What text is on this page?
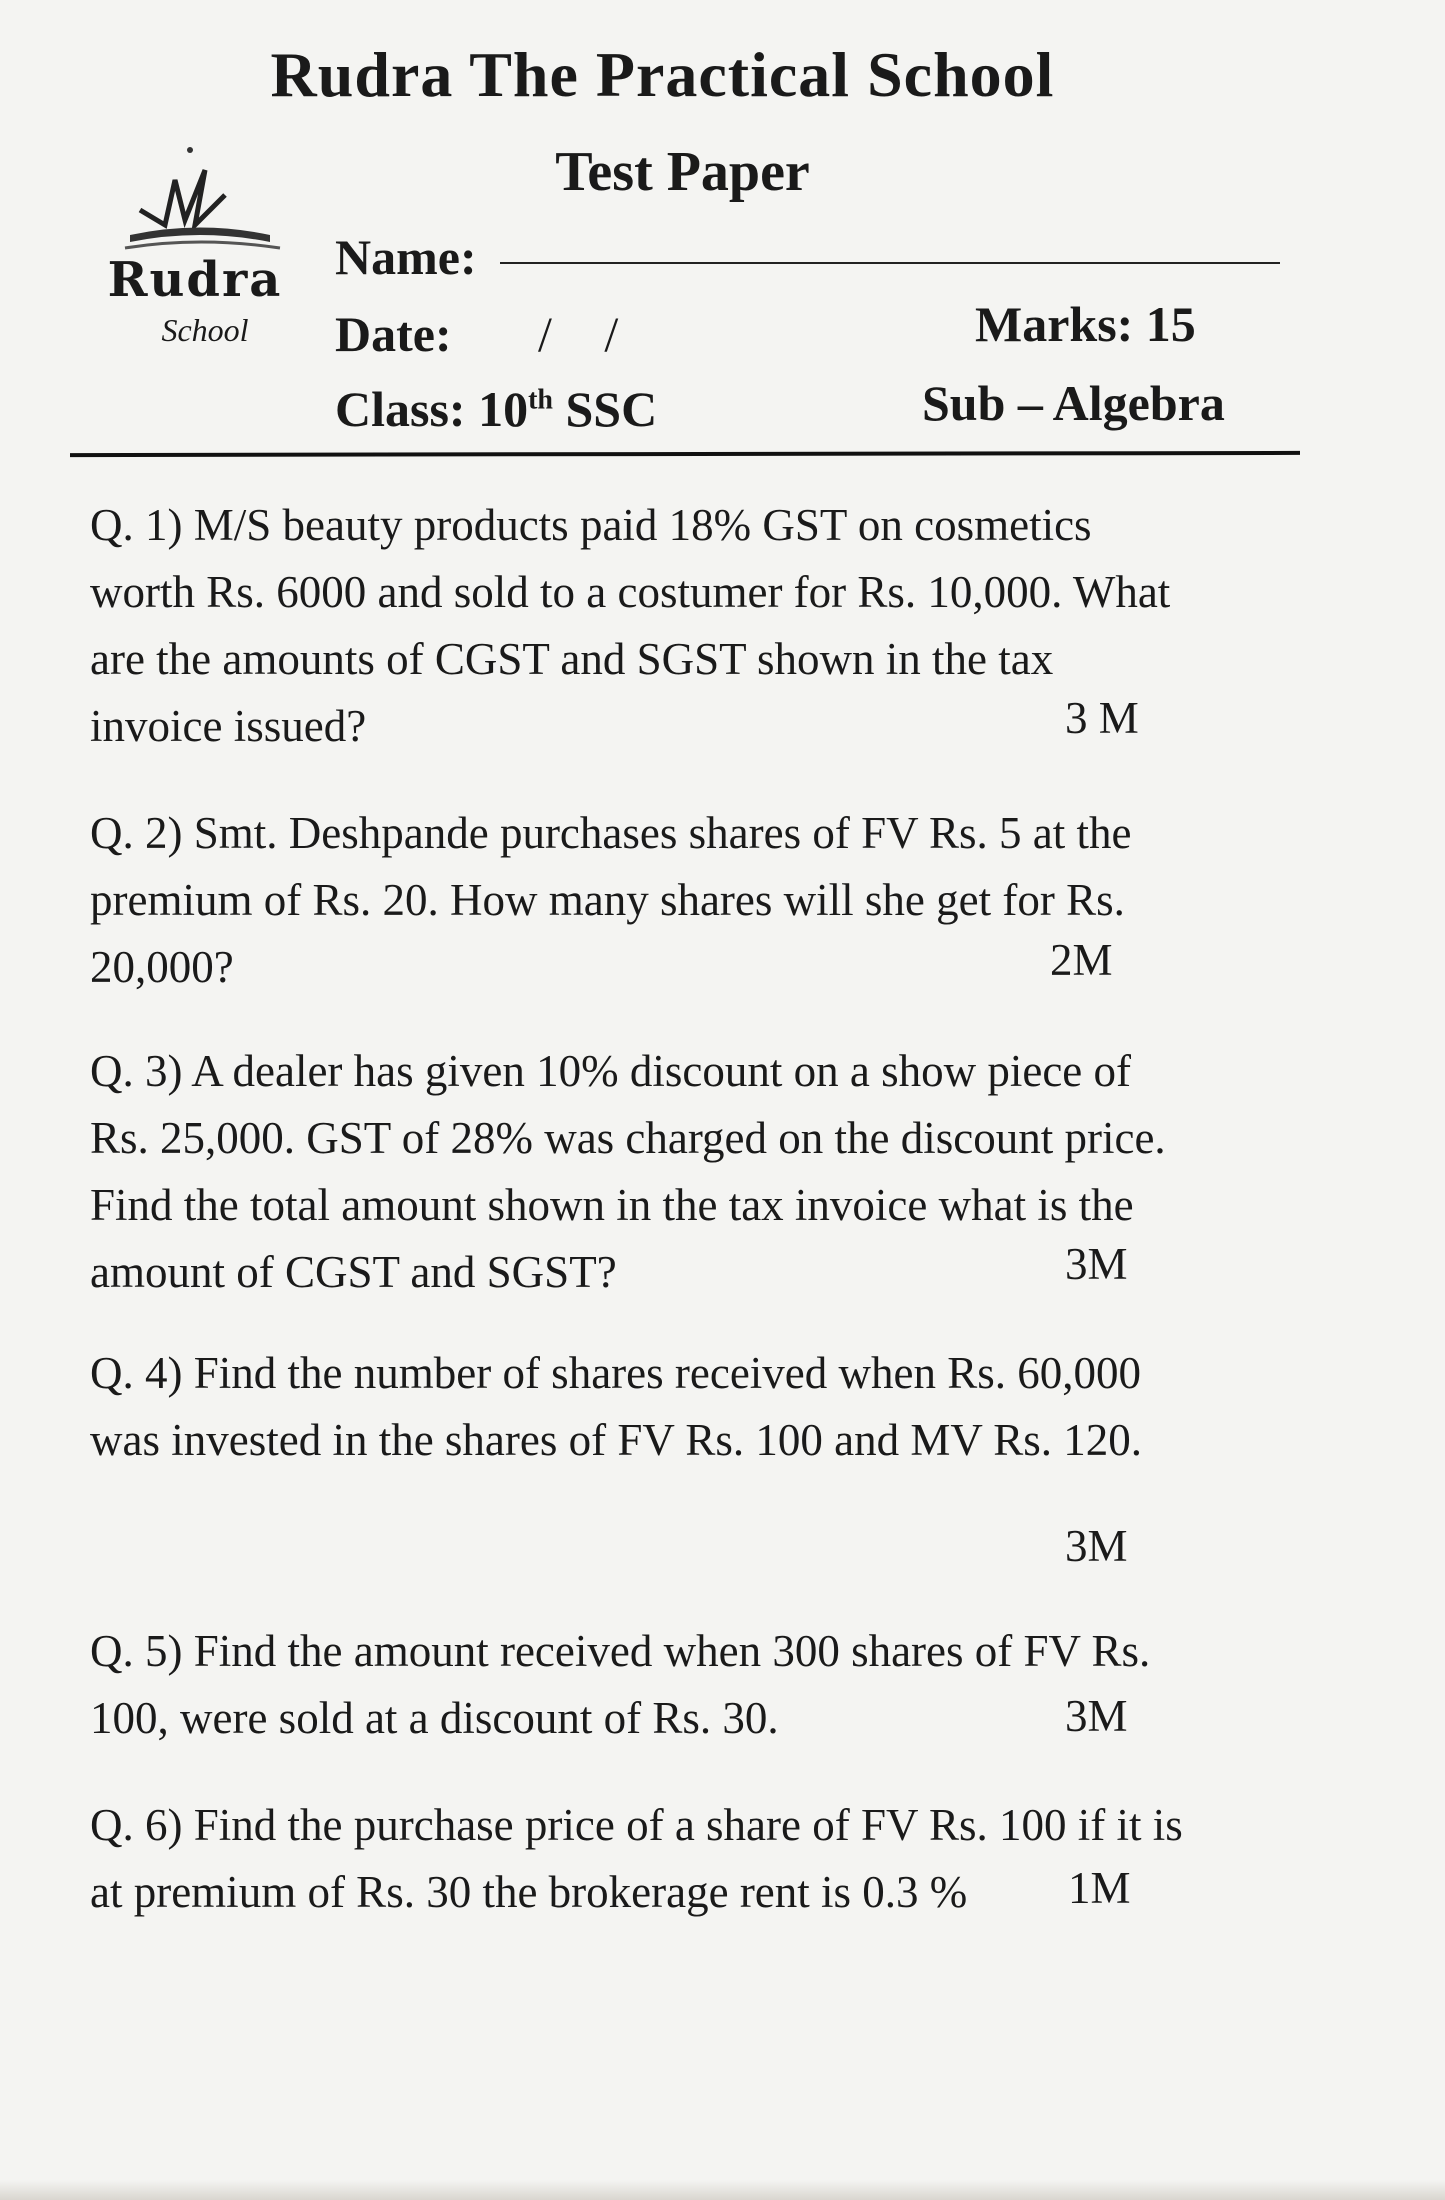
Rudra The Practical School
Test Paper
Rudra
School
Name:
Date: / /	Marks: 15
Class: 10th SSC	Sub – Algebra
Q. 1) M/S beauty products paid 18% GST on cosmetics
worth Rs. 6000 and sold to a costumer for Rs. 10,000. What
are the amounts of CGST and SGST shown in the tax
invoice issued?	3 M
Q. 2) Smt. Deshpande purchases shares of FV Rs. 5 at the
premium of Rs. 20. How many shares will she get for Rs.
20,000?	2M
Q. 3) A dealer has given 10% discount on a show piece of
Rs. 25,000. GST of 28% was charged on the discount price.
Find the total amount shown in the tax invoice what is the
amount of CGST and SGST?	3M
Q. 4) Find the number of shares received when Rs. 60,000
was invested in the shares of FV Rs. 100 and MV Rs. 120.
3M
Q. 5) Find the amount received when 300 shares of FV Rs.
100, were sold at a discount of Rs. 30.	3M
Q. 6) Find the purchase price of a share of FV Rs. 100 if it is
at premium of Rs. 30 the brokerage rent is 0.3 %	1M
